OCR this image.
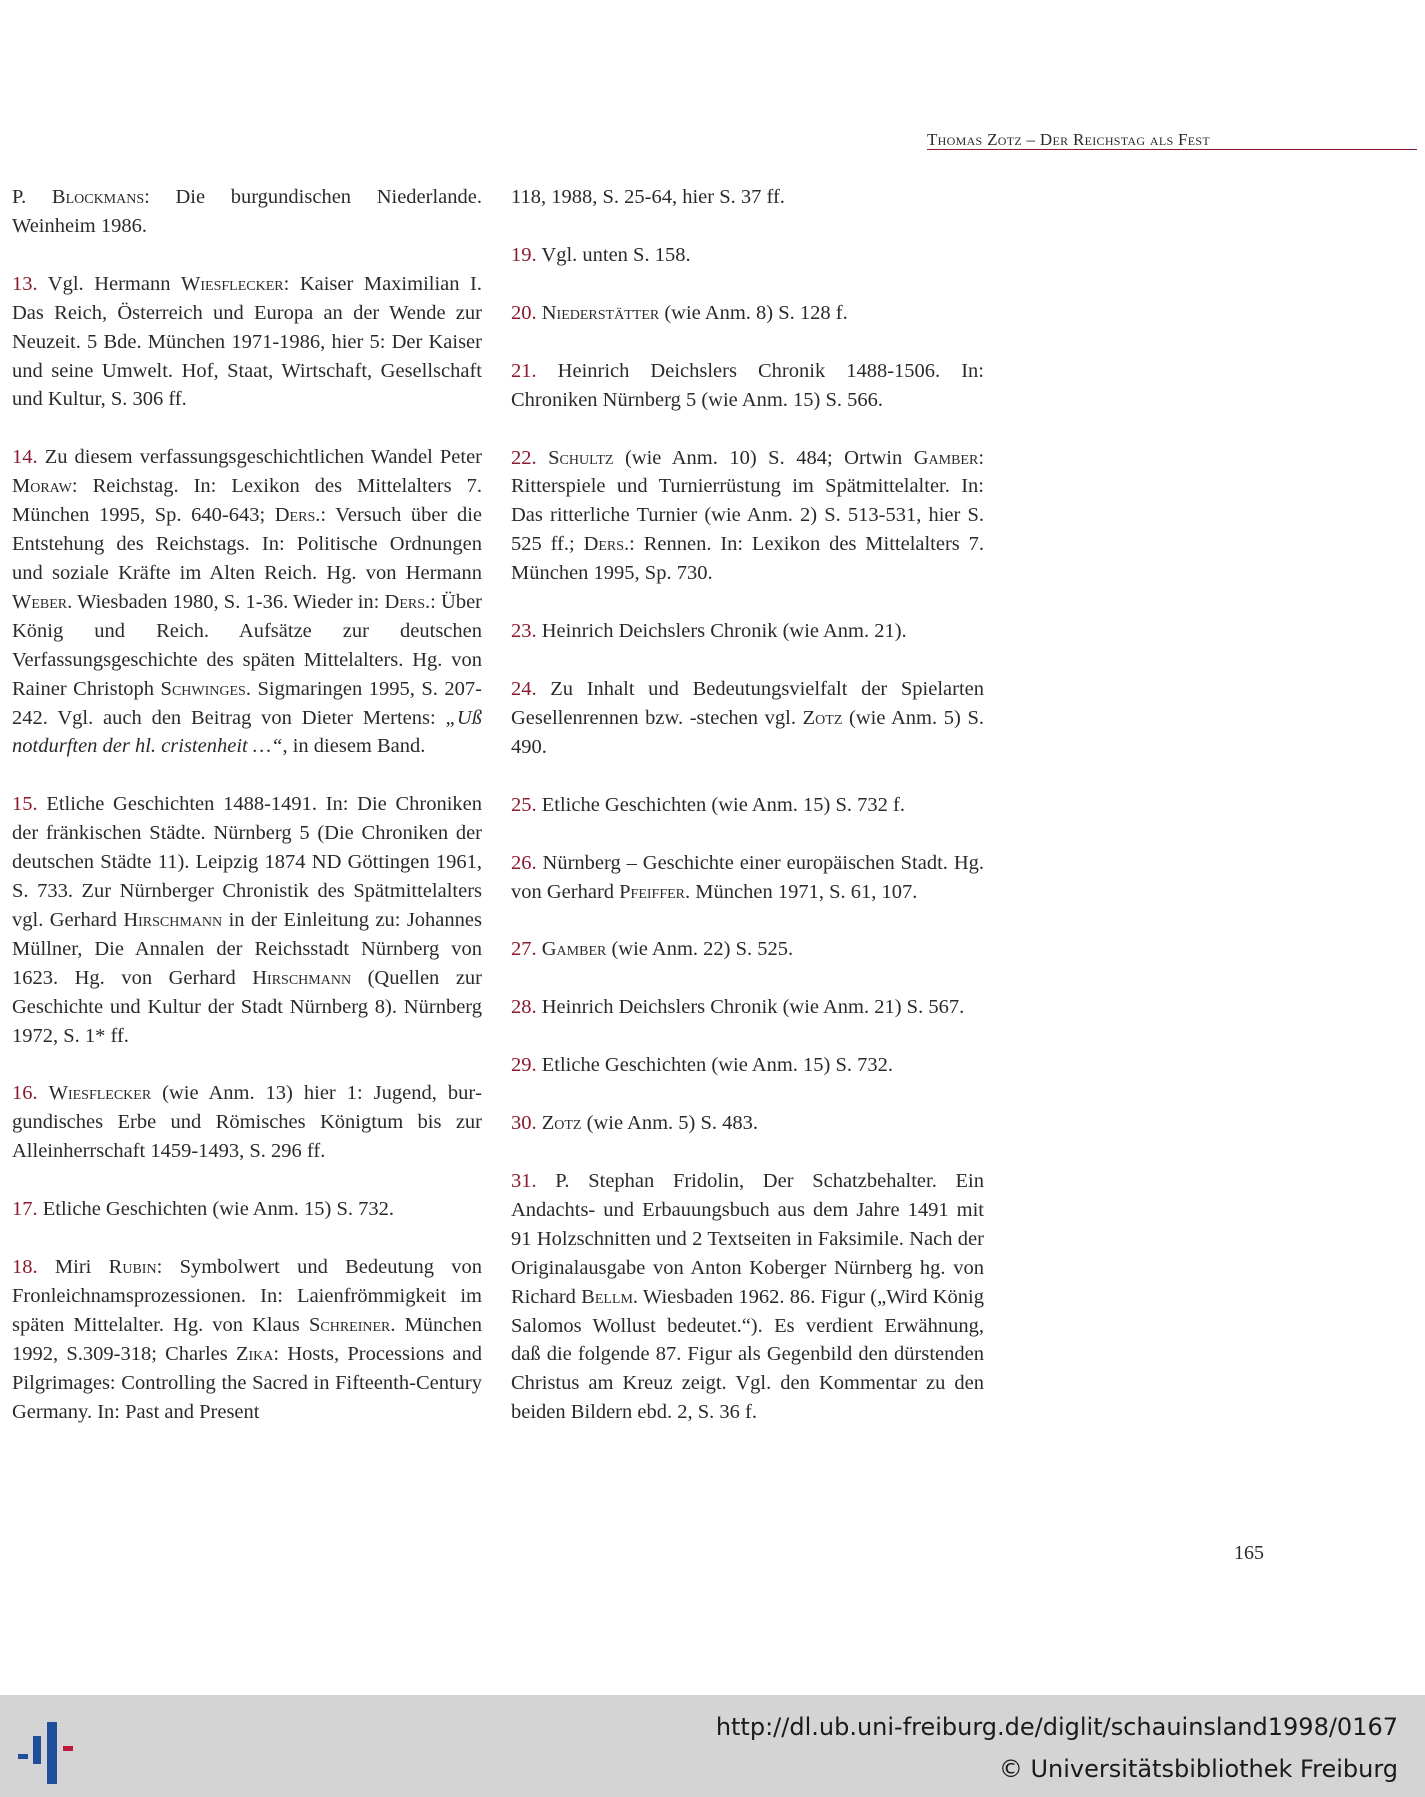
Thomas Zotz – Der Reichstag als Fest

P. Blockmans: Die burgundischen Niederlande. Weinheim 1986.

13. Vgl. Hermann Wiesflecker: Kaiser Maximilian I. Das Reich, Österreich und Europa an der Wende zur Neuzeit. 5 Bde. München 1971-1986, hier 5: Der Kaiser und seine Umwelt. Hof, Staat, Wirtschaft, Gesellschaft und Kultur, S. 306 ff.

14. Zu diesem verfassungsgeschichtlichen Wandel Peter Moraw: Reichstag. In: Lexikon des Mittelalters 7. München 1995, Sp. 640-643; Ders.: Versuch über die Entstehung des Reichstags. In: Politische Ordnungen und soziale Kräfte im Alten Reich. Hg. von Hermann Weber. Wiesbaden 1980, S. 1-36. Wieder in: Ders.: Über König und Reich. Aufsätze zur deutschen Verfassungsgeschichte des späten Mittelalters. Hg. von Rainer Christoph Schwinges. Sigmaringen 1995, S. 207-242. Vgl. auch den Beitrag von Dieter Mertens: „Uß notdurften der hl. cristenheit …“, in diesem Band.

15. Etliche Geschichten 1488-1491. In: Die Chroniken der fränkischen Städte. Nürnberg 5 (Die Chroniken der deutschen Städte 11). Leipzig 1874 ND Göttingen 1961, S. 733. Zur Nürnberger Chronistik des Spätmittelalters vgl. Gerhard Hirschmann in der Einleitung zu: Johannes Müllner, Die Annalen der Reichsstadt Nürnberg von 1623. Hg. von Gerhard Hirschmann (Quellen zur Geschichte und Kultur der Stadt Nürnberg 8). Nürnberg 1972, S. 1* ff.

16. Wiesflecker (wie Anm. 13) hier 1: Jugend, burgundisches Erbe und Römisches Königtum bis zur Alleinherrschaft 1459-1493, S. 296 ff.

17. Etliche Geschichten (wie Anm. 15) S. 732.

18. Miri Rubin: Symbolwert und Bedeutung von Fronleichnamsprozessionen. In: Laienfrömmigkeit im späten Mittelalter. Hg. von Klaus Schreiner. München 1992, S.309-318; Charles Zika: Hosts, Processions and Pilgrimages: Controlling the Sacred in Fifteenth-Century Germany. In: Past and Present

118, 1988, S. 25-64, hier S. 37 ff.

19. Vgl. unten S. 158.

20. Niederstätter (wie Anm. 8) S. 128 f.

21. Heinrich Deichslers Chronik 1488-1506. In: Chroniken Nürnberg 5 (wie Anm. 15) S. 566.

22. Schultz (wie Anm. 10) S. 484; Ortwin Gamber: Ritterspiele und Turnierrüstung im Spätmittelalter. In: Das ritterliche Turnier (wie Anm. 2) S. 513-531, hier S. 525 ff.; Ders.: Rennen. In: Lexikon des Mittelalters 7. München 1995, Sp. 730.

23. Heinrich Deichslers Chronik (wie Anm. 21).

24. Zu Inhalt und Bedeutungsvielfalt der Spielarten Gesellenrennen bzw. -stechen vgl. Zotz (wie Anm. 5) S. 490.

25. Etliche Geschichten (wie Anm. 15) S. 732 f.

26. Nürnberg – Geschichte einer europäischen Stadt. Hg. von Gerhard Pfeiffer. München 1971, S. 61, 107.

27. Gamber (wie Anm. 22) S. 525.

28. Heinrich Deichslers Chronik (wie Anm. 21) S. 567.

29. Etliche Geschichten (wie Anm. 15) S. 732.

30. Zotz (wie Anm. 5) S. 483.

31. P. Stephan Fridolin, Der Schatzbehalter. Ein Andachts- und Erbauungsbuch aus dem Jahre 1491 mit 91 Holzschnitten und 2 Textseiten in Faksimile. Nach der Originalausgabe von Anton Koberger Nürnberg hg. von Richard Bellm. Wiesbaden 1962. 86. Figur („Wird König Salomos Wollust bedeutet.“). Es verdient Erwähnung, daß die folgende 87. Figur als Gegenbild den dürstenden Christus am Kreuz zeigt. Vgl. den Kommentar zu den beiden Bildern ebd. 2, S. 36 f.

165
http://dl.ub.uni-freiburg.de/diglit/schauinsland1998/0167
© Universitätsbibliothek Freiburg
